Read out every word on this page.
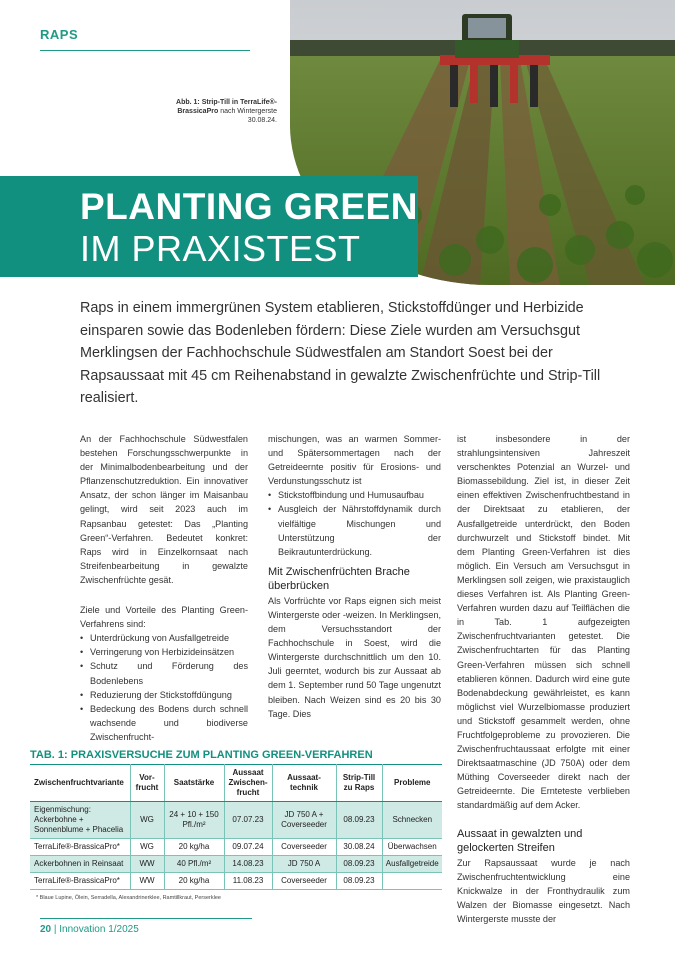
RAPS
Abb. 1: Strip-Till in TerraLife®-BrassicaPro nach Wintergerste 30.08.24.
PLANTING GREEN
IM PRAXISTEST

Raps in einem immergrünen System etablieren, Stickstoffdünger und Herbizide einsparen sowie das Bodenleben fördern: Diese Ziele wurden am Versuchsgut Merklingsen der Fachhochschule Südwestfalen am Standort Soest bei der Rapsaussaat mit 45 cm Reihenabstand in gewalzte Zwischenfrüchte und Strip-Till realisiert.

An der Fachhochschule Südwestfalen bestehen Forschungsschwerpunkte in der Minimalbodenbearbeitung und der Pflanzenschutzreduktion. Ein innovativer Ansatz, der schon länger im Maisanbau gelingt, wird seit 2023 auch im Rapsanbau getestet: Das „Planting Green“-Verfahren. Bedeutet konkret: Raps wird in Einzelkornsaat nach Streifenbearbeitung in gewalzte Zwischenfrüchte gesät.

Ziele und Vorteile des Planting Green-Verfahrens sind:

• Unterdrückung von Ausfallgetreide
• Verringerung von Herbizideinsätzen
• Schutz und Förderung des Bodenlebens
• Reduzierung der Stickstoffdüngung
• Bedeckung des Bodens durch schnell wachsende und biodiverse Zwischenfrucht-

mischungen, was an warmen Sommer- und Spätersommertagen nach der Getreideernte positiv für Erosions- und Verdunstungsschutz ist

• Stickstoffbindung und Humusaufbau
• Ausgleich der Nährstoffdynamik durch vielfältige Mischungen und Unterstützung der Beikrautunterdrückung.
Mit Zwischenfrüchten Brache überbrücken

Als Vorfrüchte vor Raps eignen sich meist Wintergerste oder -weizen. In Merklingsen, dem Versuchsstandort der Fachhochschule in Soest, wird die Wintergerste durchschnittlich um den 10. Juli geerntet, wodurch bis zur Aussaat ab dem 1. September rund 50 Tage ungenutzt bleiben. Nach Weizen sind es 20 bis 30 Tage. Dies

ist insbesondere in der strahlungsintensiven Jahreszeit verschenktes Potenzial an Wurzel- und Biomassebildung. Ziel ist, in dieser Zeit einen effektiven Zwischenfruchtbestand in der Direktsaat zu etablieren, der Ausfallgetreide unterdrückt, den Boden durchwurzelt und Stickstoff bindet. Mit dem Planting Green-Verfahren ist dies möglich. Ein Versuch am Versuchsgut in Merklingsen soll zeigen, wie praxistauglich dieses Verfahren ist. Als Planting Green-Verfahren wurden dazu auf Teilflächen die in Tab. 1 aufgezeigten Zwischenfruchtvarianten getestet. Die Zwischenfruchtarten für das Planting Green-Verfahren müssen sich schnell etablieren können. Dadurch wird eine gute Bodenabdeckung gewährleistet, es kann möglichst viel Wurzelbiomasse produziert und Stickstoff gesammelt werden, ohne Fruchtfolgeprobleme zu provozieren. Die Zwischenfruchtaussaat erfolgte mit einer Direktsaatmaschine (JD 750A) oder dem Müthing Coverseeder direkt nach der Getreideernte. Die Ernteteste verblieben standardmäßig auf dem Acker.

Aussaat in gewalzten und gelockerten Streifen

Zur Rapsaussaat wurde je nach Zwischenfruchtentwicklung eine Knickwalze in der Fronthydraulik zum Walzen der Biomasse eingesetzt. Nach Wintergerste musste der

TAB. 1: PRAXISVERSUCHE ZUM PLANTING GREEN-VERFAHREN
Zwischenfruchtvariante	Vor-frucht	Saatstärke	Aussaat Zwischen-frucht	Aussaat-technik	Strip-Till zu Raps	Probleme
Eigenmischung: Ackerbohne + Sonnenblume + Phacelia	WG	24 + 10 + 150 Pfl./m²	07.07.23	JD 750 A + Coverseeder	08.09.23	Schnecken
TerraLife®-BrassicaPro*	WG	20 kg/ha	09.07.24	Coverseeder	30.08.24	Überwachsen
Ackerbohnen in Reinsaat	WW	40 Pfl./m²	14.08.23	JD 750 A	08.09.23	Ausfallgetreide
TerraLife®-BrassicaPro*	WW	20 kg/ha	11.08.23	Coverseeder	08.09.23	
* Blaue Lupine, Ölein, Serradella, Alexandrinerklee, Ramtillkraut, Perserklee
20 | Innovation 1/2025
